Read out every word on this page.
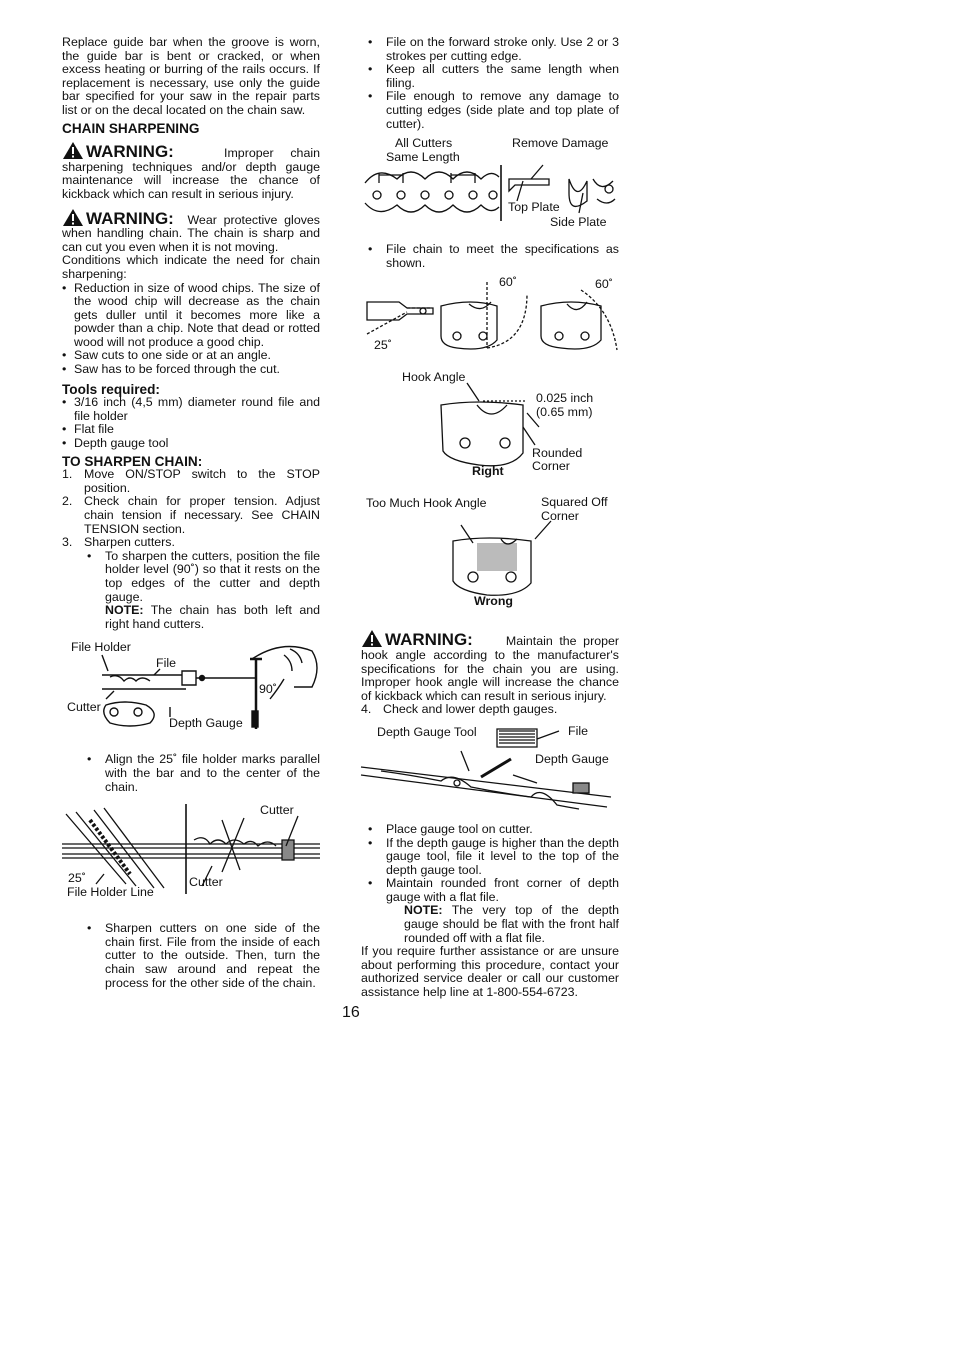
Replace guide bar when the groove is worn, the guide bar is bent or cracked, or when excess heating or burring of the rails occurs. If replacement is necessary, use only the guide bar specified for your saw in the repair parts list or on the decal located on the chain saw.

CHAIN SHARPENING

WARNING:	Improper chain sharpening techniques and/or depth gauge maintenance will increase the chance of kickback which can result in serious injury.

WARNING: Wear protective gloves when handling chain. The chain is sharp and can cut you even when it is not moving.

Conditions which indicate the need for chain sharpening:

• Reduction in size of wood chips. The size of the wood chip will decrease as the chain gets duller until it becomes more like a powder than a chip. Note that dead or rotted wood will not produce a good chip.
• Saw cuts to one side or at an angle.
• Saw has to be forced through the cut.
Tools required:
• 3/16 inch (4,5 mm) diameter round file and file holder
• Flat file
• Depth gauge tool
TO SHARPEN CHAIN:
1. Move ON/STOP switch to the STOP position.
2. Check chain for proper tension. Adjust chain tension if necessary. See CHAIN TENSION section.
3. Sharpen cutters.
• To sharpen the cutters, position the file holder level (90˚) so that it rests on the top edges of the cutter and depth gauge.

NOTE: The chain has both left and right hand cutters.

File Holder
File
Cutter
90˚
Depth Gauge
• Align the 25˚ file holder marks parallel with the bar and to the center of the chain.
Cutter
25˚
File Holder Line
Cutter
• Sharpen cutters on one side of the chain first. File from the inside of each cutter to the outside. Then, turn the chain saw around and repeat the process for the other side of the chain.
• File on the forward stroke only. Use 2 or 3 strokes per cutting edge.
• Keep all cutters the same length when filing.
• File enough to remove any damage to cutting edges (side plate and top plate of cutter).
All Cutters
Same Length
Remove Damage
Top Plate
Side Plate
• File chain to meet the specifications as shown.
60˚	60˚
25˚
Hook Angle
0.025 inch
(0.65 mm)
Rounded
Corner
Right
Too Much Hook Angle	Squared Off
Corner
Wrong

WARNING:	Maintain the proper hook angle according to the manufacturer's specifications for the chain you are using. Improper hook angle will increase the chance of kickback which can result in serious injury.

4. Check and lower depth gauges.
Depth Gauge Tool	File
Depth Gauge
• Place gauge tool on cutter.
• If the depth gauge is higher than the depth gauge tool, file it level to the top of the depth gauge tool.
• Maintain rounded front corner of depth gauge with a flat file.

NOTE: The very top of the depth gauge should be flat with the front half rounded off with a flat file.

If you require further assistance or are unsure about performing this procedure, contact your authorized service dealer or call our customer assistance help line at 1-800-554-6723.

16
